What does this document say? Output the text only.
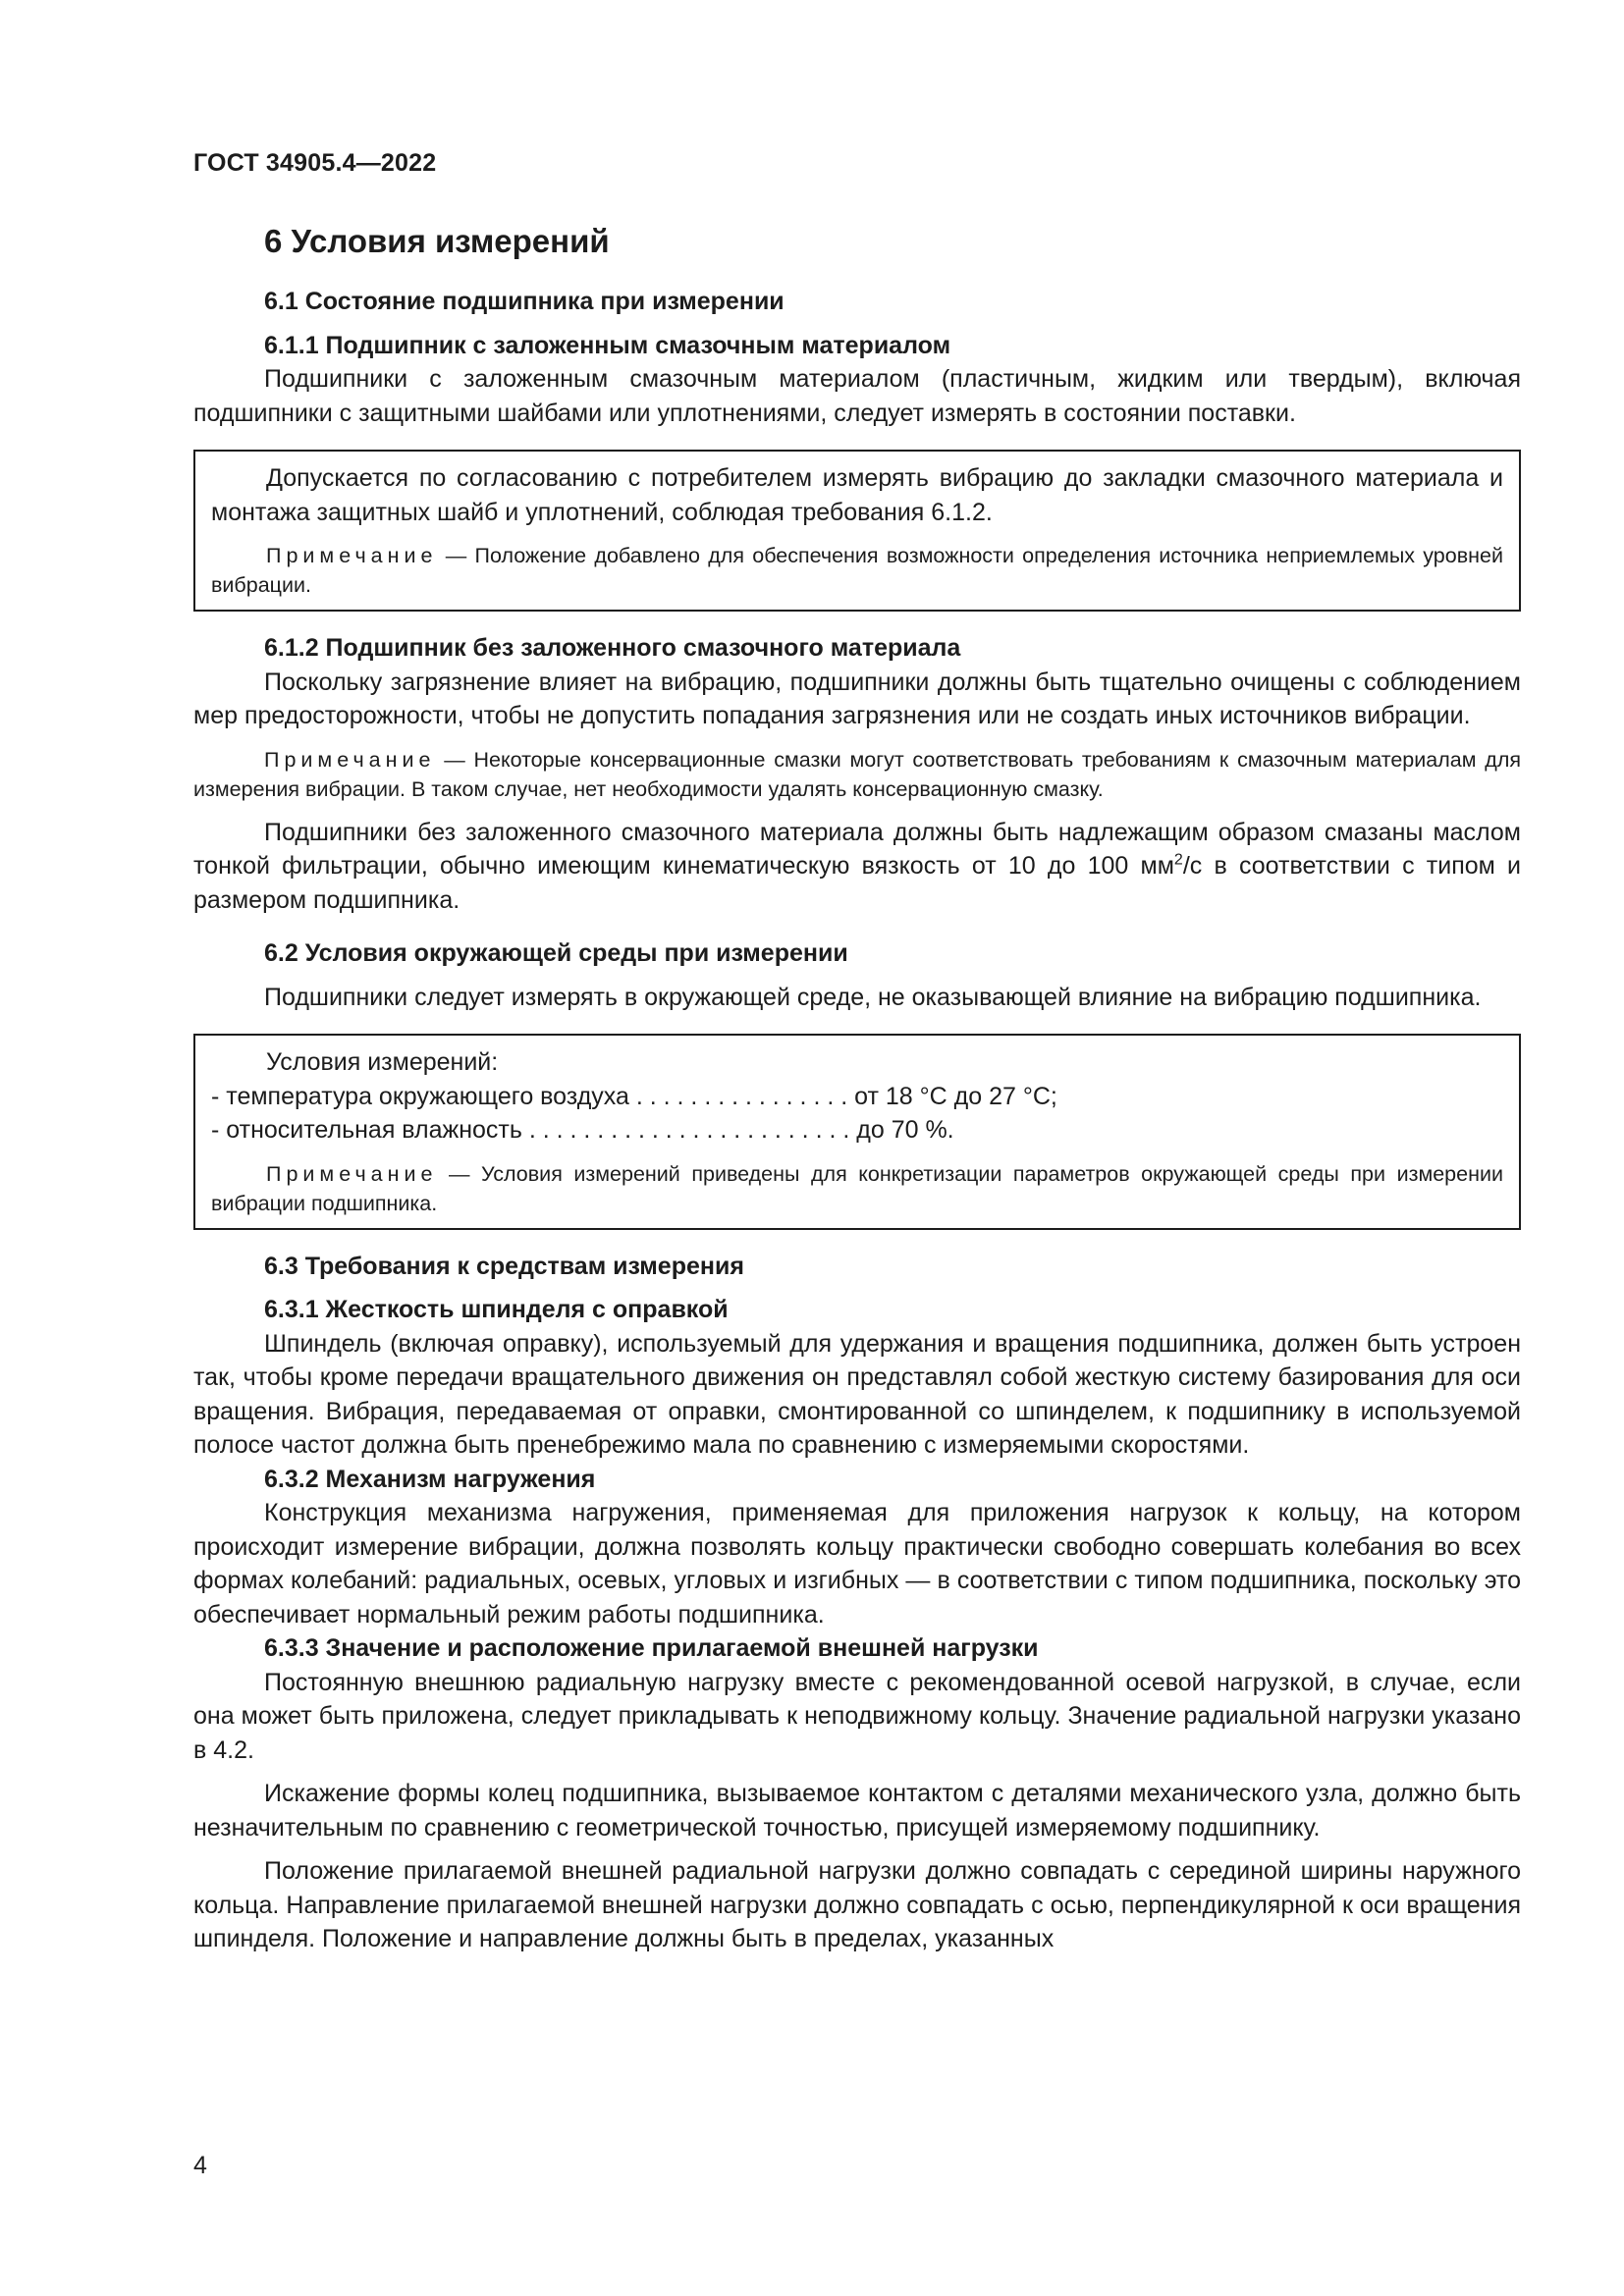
ГОСТ 34905.4—2022
6 Условия измерений
6.1 Состояние подшипника при измерении
6.1.1 Подшипник с заложенным смазочным материалом

Подшипники с заложенным смазочным материалом (пластичным, жидким или твердым), включая подшипники с защитными шайбами или уплотнениями, следует измерять в состоянии поставки.

Допускается по согласованию с потребителем измерять вибрацию до закладки смазочного материала и монтажа защитных шайб и уплотнений, соблюдая требования 6.1.2.

Примечание — Положение добавлено для обеспечения возможности определения источника неприемлемых уровней вибрации.

6.1.2 Подшипник без заложенного смазочного материала

Поскольку загрязнение влияет на вибрацию, подшипники должны быть тщательно очищены с соблюдением мер предосторожности, чтобы не допустить попадания загрязнения или не создать иных источников вибрации.

Примечание — Некоторые консервационные смазки могут соответствовать требованиям к смазочным материалам для измерения вибрации. В таком случае, нет необходимости удалять консервационную смазку.

Подшипники без заложенного смазочного материала должны быть надлежащим образом смазаны маслом тонкой фильтрации, обычно имеющим кинематическую вязкость от 10 до 100 $мм^2/с$ в соответствии с типом и размером подшипника.

6.2 Условия окружающей среды при измерении

Подшипники следует измерять в окружающей среде, не оказывающей влияние на вибрацию подшипника.

Условия измерений:
- температура окружающего воздуха . . . . . . . . . . . . . . . . от 18 °С до 27 °С;
- относительная влажность . . . . . . . . . . . . . . . . . . . . . . . . до 70 %.

Примечание — Условия измерений приведены для конкретизации параметров окружающей среды при измерении вибрации подшипника.

6.3 Требования к средствам измерения
6.3.1 Жесткость шпинделя с оправкой

Шпиндель (включая оправку), используемый для удержания и вращения подшипника, должен быть устроен так, чтобы кроме передачи вращательного движения он представлял собой жесткую систему базирования для оси вращения. Вибрация, передаваемая от оправки, смонтированной со шпинделем, к подшипнику в используемой полосе частот должна быть пренебрежимо мала по сравнению с измеряемыми скоростями.

6.3.2 Механизм нагружения

Конструкция механизма нагружения, применяемая для приложения нагрузок к кольцу, на котором происходит измерение вибрации, должна позволять кольцу практически свободно совершать колебания во всех формах колебаний: радиальных, осевых, угловых и изгибных — в соответствии с типом подшипника, поскольку это обеспечивает нормальный режим работы подшипника.

6.3.3 Значение и расположение прилагаемой внешней нагрузки

Постоянную внешнюю радиальную нагрузку вместе с рекомендованной осевой нагрузкой, в случае, если она может быть приложена, следует прикладывать к неподвижному кольцу. Значение радиальной нагрузки указано в 4.2.

Искажение формы колец подшипника, вызываемое контактом с деталями механического узла, должно быть незначительным по сравнению с геометрической точностью, присущей измеряемому подшипнику.

Положение прилагаемой внешней радиальной нагрузки должно совпадать с серединой ширины наружного кольца. Направление прилагаемой внешней нагрузки должно совпадать с осью, перпендикулярной к оси вращения шпинделя. Положение и направление должны быть в пределах, указанных

4
